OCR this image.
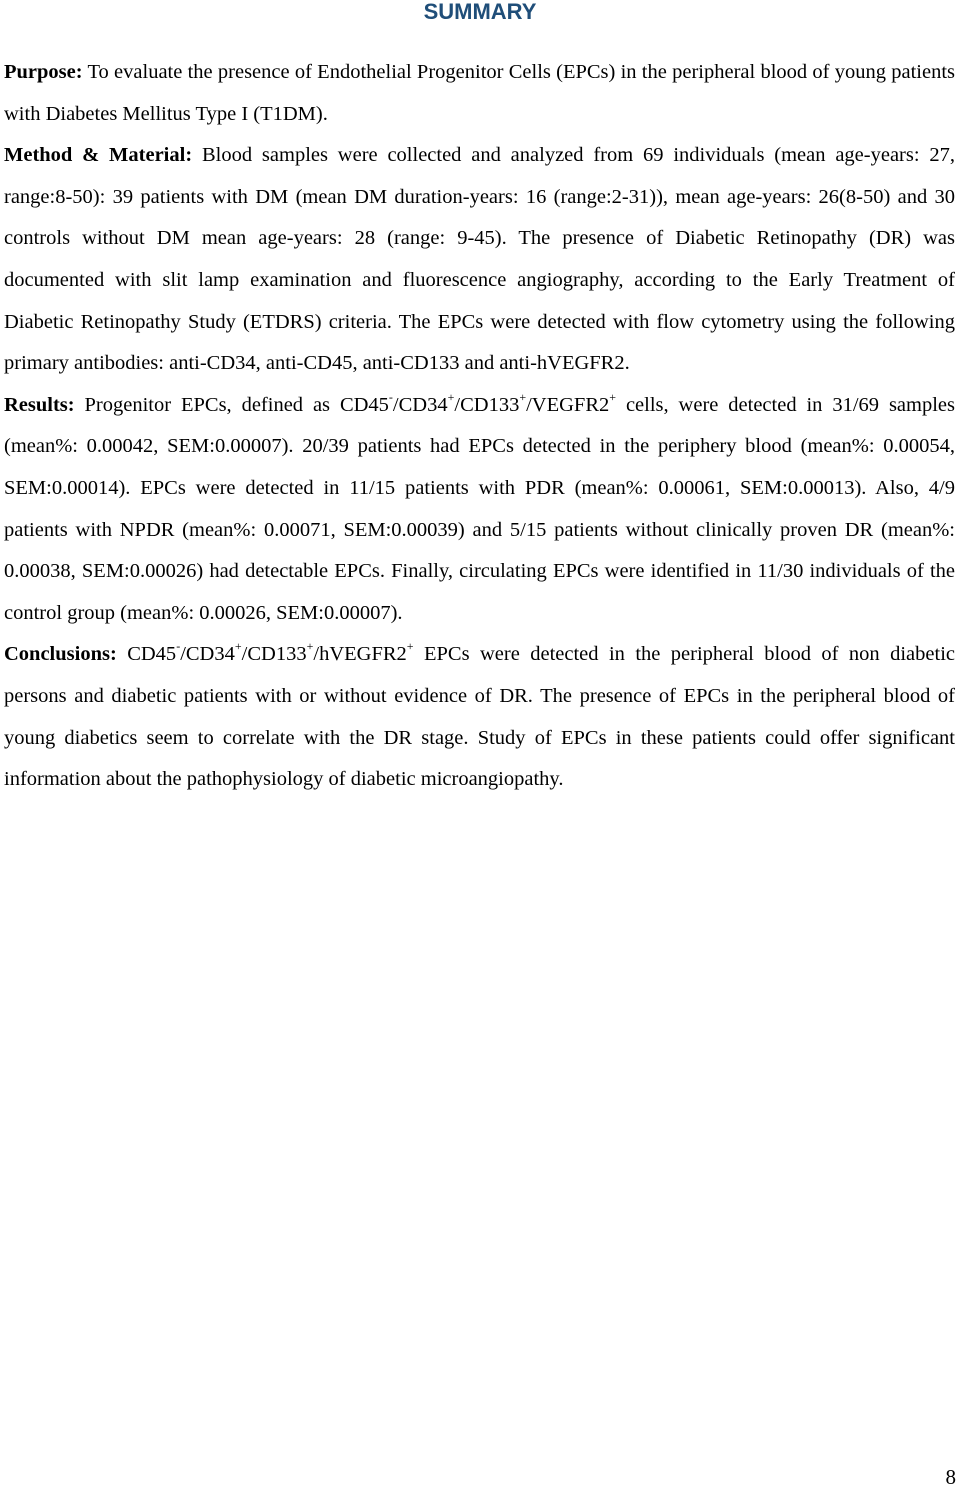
SUMMARY

Purpose: To evaluate the presence of Endothelial Progenitor Cells (EPCs) in the peripheral blood of young patients with Diabetes Mellitus Type I (T1DM).

Method & Material: Blood samples were collected and analyzed from 69 individuals (mean age-years: 27, range:8-50): 39 patients with DM (mean DM duration-years: 16 (range:2-31)), mean age-years: 26(8-50) and 30 controls without DM mean age-years: 28 (range: 9-45). The presence of Diabetic Retinopathy (DR) was documented with slit lamp examination and fluorescence angiography, according to the Early Treatment of Diabetic Retinopathy Study (ETDRS) criteria. The EPCs were detected with flow cytometry using the following primary antibodies: anti-CD34, anti-CD45, anti-CD133 and anti-hVEGFR2.

Results: Progenitor EPCs, defined as CD45-/CD34+/CD133+/VEGFR2+ cells, were detected in 31/69 samples (mean%: 0.00042, SEM:0.00007). 20/39 patients had EPCs detected in the periphery blood (mean%: 0.00054, SEM:0.00014). EPCs were detected in 11/15 patients with PDR (mean%: 0.00061, SEM:0.00013). Also, 4/9 patients with NPDR (mean%: 0.00071, SEM:0.00039) and 5/15 patients without clinically proven DR (mean%: 0.00038, SEM:0.00026) had detectable EPCs. Finally, circulating EPCs were identified in 11/30 individuals of the control group (mean%: 0.00026, SEM:0.00007).

Conclusions: CD45-/CD34+/CD133+/hVEGFR2+ EPCs were detected in the peripheral blood of non diabetic persons and diabetic patients with or without evidence of DR. The presence of EPCs in the peripheral blood of young diabetics seem to correlate with the DR stage. Study of EPCs in these patients could offer significant information about the pathophysiology of diabetic microangiopathy.

8
